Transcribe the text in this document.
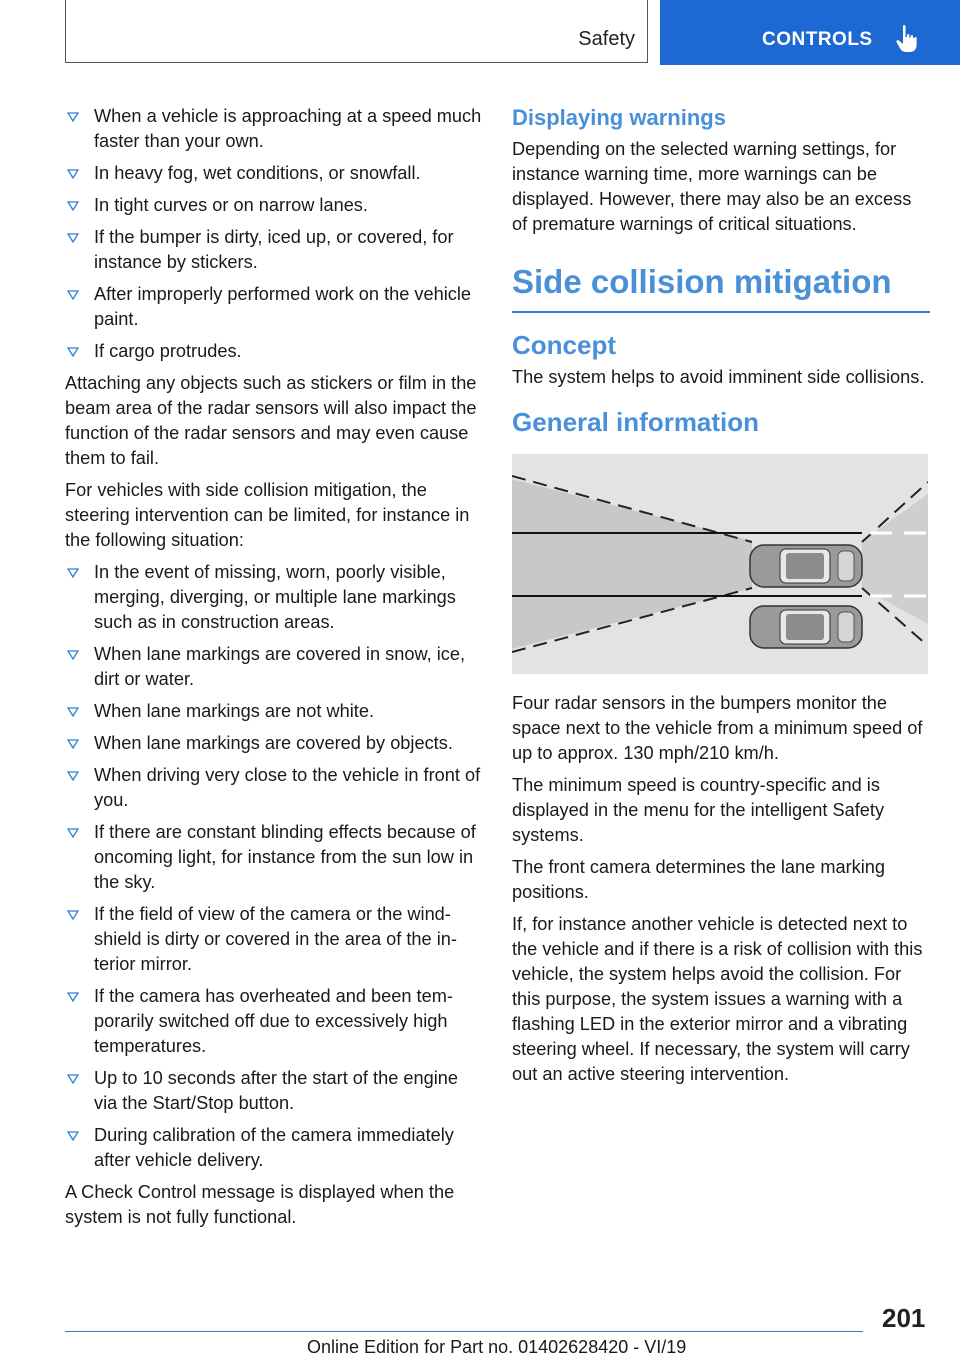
Safety	CONTROLS
When a vehicle is approaching at a speed much faster than your own.
In heavy fog, wet conditions, or snowfall.
In tight curves or on narrow lanes.
If the bumper is dirty, iced up, or covered, for instance by stickers.
After improperly performed work on the vehicle paint.
If cargo protrudes.

Attaching any objects such as stickers or film in the beam area of the radar sensors will also impact the function of the radar sensors and may even cause them to fail.

For vehicles with side collision mitigation, the steering intervention can be limited, for instance in the following situation:

In the event of missing, worn, poorly visible, merging, diverging, or multiple lane markings such as in construction areas.
When lane markings are covered in snow, ice, dirt or water.
When lane markings are not white.
When lane markings are covered by objects.
When driving very close to the vehicle in front of you.
If there are constant blinding effects because of oncoming light, for instance from the sun low in the sky.
If the field of view of the camera or the windshield is dirty or covered in the area of the interior mirror.
If the camera has overheated and been temporarily switched off due to excessively high temperatures.
Up to 10 seconds after the start of the engine via the Start/Stop button.
During calibration of the camera immediately after vehicle delivery.

A Check Control message is displayed when the system is not fully functional.

Displaying warnings

Depending on the selected warning settings, for instance warning time, more warnings can be displayed. However, there may also be an excess of premature warnings of critical situations.

Side collision mitigation
Concept

The system helps to avoid imminent side collisions.

General information

Four radar sensors in the bumpers monitor the space next to the vehicle from a minimum speed of up to approx. 130 mph/210 km/h.

The minimum speed is country-specific and is displayed in the menu for the intelligent Safety systems.

The front camera determines the lane marking positions.

If, for instance another vehicle is detected next to the vehicle and if there is a risk of collision with this vehicle, the system helps avoid the collision. For this purpose, the system issues a warning with a flashing LED in the exterior mirror and a vibrating steering wheel. If necessary, the system will carry out an active steering intervention.

201
Online Edition for Part no. 01402628420 - VI/19
